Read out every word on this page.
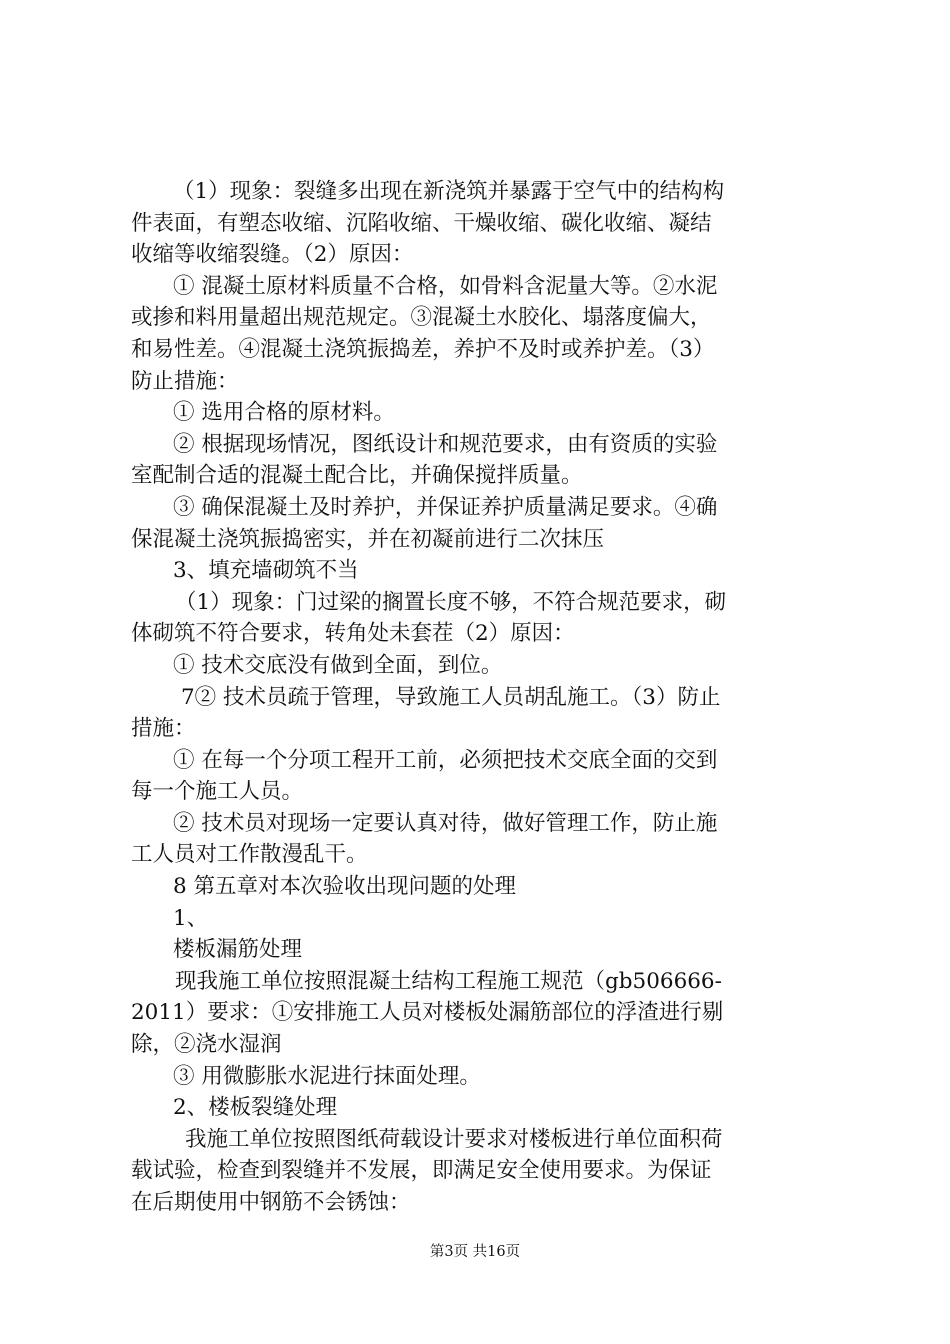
（1）现象：裂缝多出现在新浇筑并暴露于空气中的结构构
件表面，有塑态收缩、沉陷收缩、干燥收缩、碳化收缩、凝结
收缩等收缩裂缝。（2）原因：
① 混凝土原材料质量不合格，如骨料含泥量大等。②水泥
或掺和料用量超出规范规定。③混凝土水胶化、塌落度偏大，
和易性差。④混凝土浇筑振捣差，养护不及时或养护差。（3）
防止措施：
① 选用合格的原材料。
② 根据现场情况，图纸设计和规范要求，由有资质的实验
室配制合适的混凝土配合比，并确保搅拌质量。
③ 确保混凝土及时养护，并保证养护质量满足要求。④确
保混凝土浇筑振捣密实，并在初凝前进行二次抹压
3、填充墙砌筑不当
（1）现象：门过梁的搁置长度不够，不符合规范要求，砌
体砌筑不符合要求，转角处未套茬（2）原因：
① 技术交底没有做到全面，到位。
7② 技术员疏于管理，导致施工人员胡乱施工。（3）防止
措施：
① 在每一个分项工程开工前，必须把技术交底全面的交到
每一个施工人员。
② 技术员对现场一定要认真对待，做好管理工作，防止施
工人员对工作散漫乱干。
8 第五章对本次验收出现问题的处理
1、
楼板漏筋处理
现我施工单位按照混凝土结构工程施工规范（gb506666-
2011）要求：①安排施工人员对楼板处漏筋部位的浮渣进行剔
除，②浇水湿润
③ 用微膨胀水泥进行抹面处理。
2、楼板裂缝处理
我施工单位按照图纸荷载设计要求对楼板进行单位面积荷
载试验，检查到裂缝并不发展，即满足安全使用要求。为保证
在后期使用中钢筋不会锈蚀：
第3页 共16页
